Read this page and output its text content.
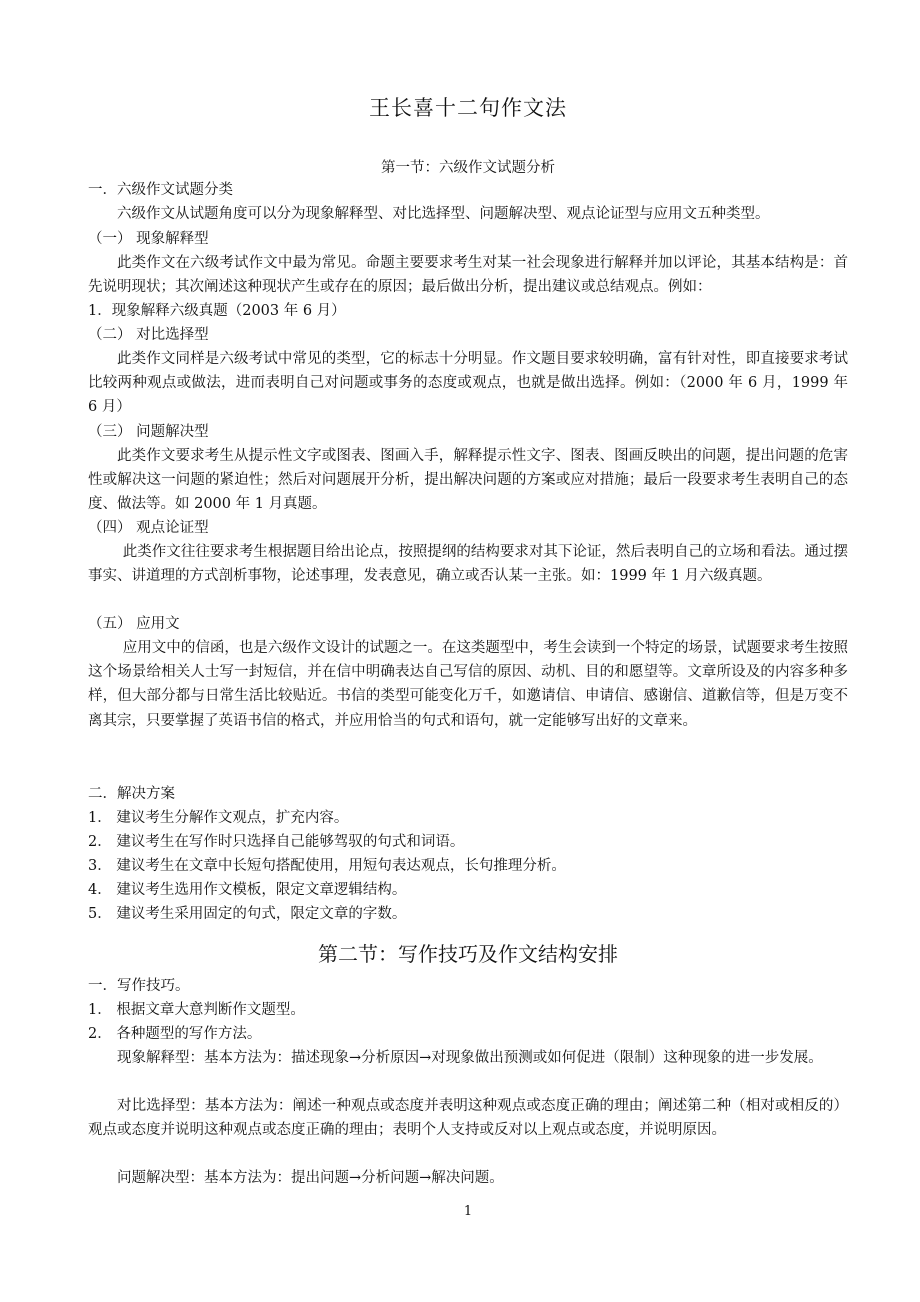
王长喜十二句作文法
第一节：六级作文试题分析
一．六级作文试题分类
六级作文从试题角度可以分为现象解释型、对比选择型、问题解决型、观点论证型与应用文五种类型。
（一） 现象解释型
此类作文在六级考试作文中最为常见。命题主要要求考生对某一社会现象进行解释并加以评论，其基本结构是：首先说明现状；其次阐述这种现状产生或存在的原因；最后做出分析，提出建议或总结观点。例如：
1．现象解释六级真题（2003 年 6 月）
（二） 对比选择型
此类作文同样是六级考试中常见的类型，它的标志十分明显。作文题目要求较明确，富有针对性，即直接要求考试比较两种观点或做法，进而表明自己对问题或事务的态度或观点，也就是做出选择。例如：（2000 年 6 月，1999 年 6 月）
（三） 问题解决型
此类作文要求考生从提示性文字或图表、图画入手，解释提示性文字、图表、图画反映出的问题，提出问题的危害性或解决这一问题的紧迫性；然后对问题展开分析，提出解决问题的方案或应对措施；最后一段要求考生表明自己的态度、做法等。如 2000 年 1 月真题。
（四） 观点论证型
此类作文往往要求考生根据题目给出论点，按照提纲的结构要求对其下论证，然后表明自己的立场和看法。通过摆事实、讲道理的方式剖析事物，论述事理，发表意见，确立或否认某一主张。如：1999 年 1 月六级真题。
（五） 应用文
应用文中的信函，也是六级作文设计的试题之一。在这类题型中，考生会读到一个特定的场景，试题要求考生按照这个场景给相关人士写一封短信，并在信中明确表达自己写信的原因、动机、目的和愿望等。文章所设及的内容多种多样，但大部分都与日常生活比较贴近。书信的类型可能变化万千，如邀请信、申请信、感谢信、道歉信等，但是万变不离其宗，只要掌握了英语书信的格式，并应用恰当的句式和语句，就一定能够写出好的文章来。
二．解决方案
1． 建议考生分解作文观点，扩充内容。
2． 建议考生在写作时只选择自己能够驾驭的句式和词语。
3． 建议考生在文章中长短句搭配使用，用短句表达观点，长句推理分析。
4． 建议考生选用作文模板，限定文章逻辑结构。
5． 建议考生采用固定的句式，限定文章的字数。
第二节：写作技巧及作文结构安排
一．写作技巧。
1． 根据文章大意判断作文题型。
2． 各种题型的写作方法。
现象解释型：基本方法为：描述现象→分析原因→对现象做出预测或如何促进（限制）这种现象的进一步发展。
对比选择型：基本方法为：阐述一种观点或态度并表明这种观点或态度正确的理由；阐述第二种（相对或相反的）观点或态度并说明这种观点或态度正确的理由；表明个人支持或反对以上观点或态度，并说明原因。
问题解决型：基本方法为：提出问题→分析问题→解决问题。
1
